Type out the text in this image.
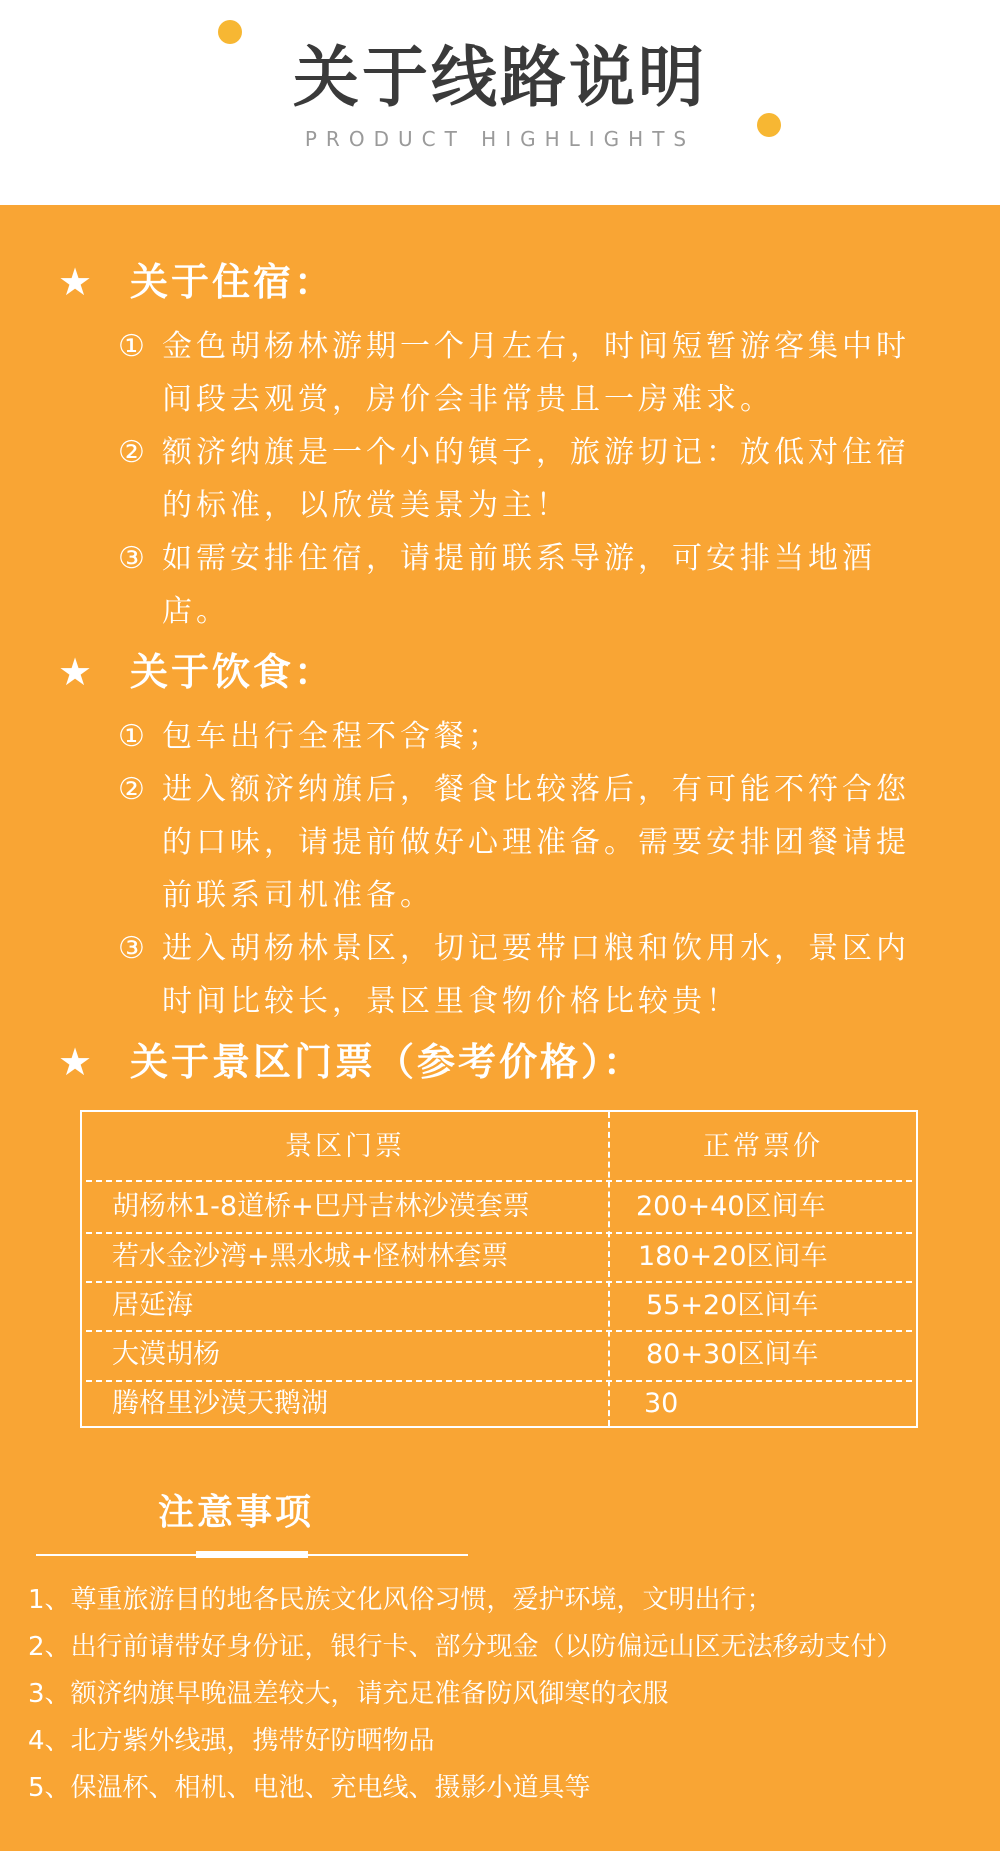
关于线路说明
PRODUCT HIGHLIGHTS
★ 关于住宿：
① 金色胡杨林游期一个月左右，时间短暂游客集中时间段去观赏，房价会非常贵且一房难求。
② 额济纳旗是一个小的镇子，旅游切记：放低对住宿的标准，以欣赏美景为主！
③ 如需安排住宿，请提前联系导游，可安排当地酒店。
★ 关于饮食：
① 包车出行全程不含餐；
② 进入额济纳旗后，餐食比较落后，有可能不符合您的口味，请提前做好心理准备。需要安排团餐请提前联系司机准备。
③ 进入胡杨林景区，切记要带口粮和饮用水，景区内时间比较长，景区里食物价格比较贵！
★ 关于景区门票（参考价格）：
景区门票	正常票价
胡杨林1-8道桥+巴丹吉林沙漠套票	200+40区间车
若水金沙湾+黑水城+怪树林套票	180+20区间车
居延海	55+20区间车
大漠胡杨	80+30区间车
腾格里沙漠天鹅湖	30
注意事项
1、尊重旅游目的地各民族文化风俗习惯，爱护环境，文明出行；
2、出行前请带好身份证，银行卡、部分现金（以防偏远山区无法移动支付）
3、额济纳旗早晚温差较大，请充足准备防风御寒的衣服
4、北方紫外线强，携带好防晒物品
5、保温杯、相机、电池、充电线、摄影小道具等
